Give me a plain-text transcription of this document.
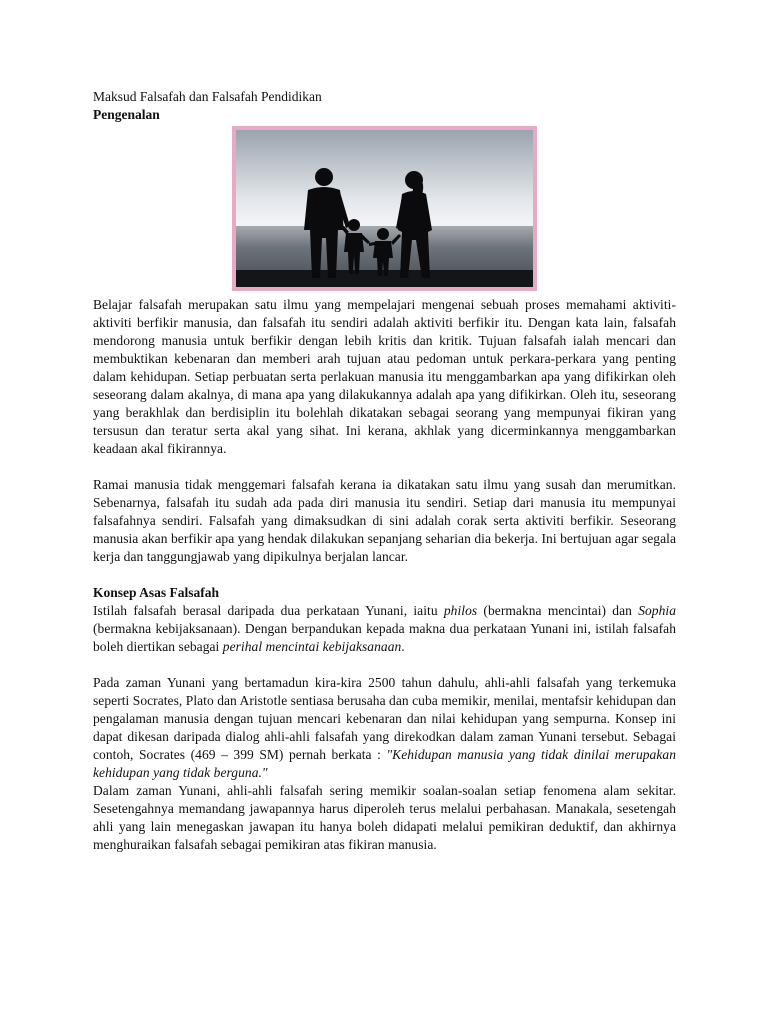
Maksud Falsafah dan Falsafah Pendidikan

Pengenalan

Belajar falsafah merupakan satu ilmu yang mempelajari mengenai sebuah proses memahami aktiviti-aktiviti berfikir manusia, dan falsafah itu sendiri adalah aktiviti berfikir itu. Dengan kata lain, falsafah mendorong manusia untuk berfikir dengan lebih kritis dan kritik. Tujuan falsafah ialah mencari dan membuktikan kebenaran dan memberi arah tujuan atau pedoman untuk perkara-perkara yang penting dalam kehidupan. Setiap perbuatan serta perlakuan manusia itu menggambarkan apa yang difikirkan oleh seseorang dalam akalnya, di mana apa yang dilakukannya adalah apa yang difikirkan. Oleh itu, seseorang yang berakhlak dan berdisiplin itu bolehlah dikatakan sebagai seorang yang mempunyai fikiran yang tersusun dan teratur serta akal yang sihat. Ini kerana, akhlak yang dicerminkannya menggambarkan keadaan akal fikirannya.

Ramai manusia tidak menggemari falsafah kerana ia dikatakan satu ilmu yang susah dan merumitkan. Sebenarnya, falsafah itu sudah ada pada diri manusia itu sendiri. Setiap dari manusia itu mempunyai falsafahnya sendiri. Falsafah yang dimaksudkan di sini adalah corak serta aktiviti berfikir. Seseorang manusia akan berfikir apa yang hendak dilakukan sepanjang seharian dia bekerja. Ini bertujuan agar segala kerja dan tanggungjawab yang dipikulnya berjalan lancar.

Konsep Asas Falsafah

Istilah falsafah berasal daripada dua perkataan Yunani, iaitu philos (bermakna mencintai) dan Sophia (bermakna kebijaksanaan). Dengan berpandukan kepada makna dua perkataan Yunani ini, istilah falsafah boleh diertikan sebagai perihal mencintai kebijaksanaan.

Pada zaman Yunani yang bertamadun kira-kira 2500 tahun dahulu, ahli-ahli falsafah yang terkemuka seperti Socrates, Plato dan Aristotle sentiasa berusaha dan cuba memikir, menilai, mentafsir kehidupan dan pengalaman manusia dengan tujuan mencari kebenaran dan nilai kehidupan yang sempurna. Konsep ini dapat dikesan daripada dialog ahli-ahli falsafah yang direkodkan dalam zaman Yunani tersebut. Sebagai contoh, Socrates (469 – 399 SM) pernah berkata : "Kehidupan manusia yang tidak dinilai merupakan kehidupan yang tidak berguna."

Dalam zaman Yunani, ahli-ahli falsafah sering memikir soalan-soalan setiap fenomena alam sekitar. Sesetengahnya memandang jawapannya harus diperoleh terus melalui perbahasan. Manakala, sesetengah ahli yang lain menegaskan jawapan itu hanya boleh didapati melalui pemikiran deduktif, dan akhirnya menghuraikan falsafah sebagai pemikiran atas fikiran manusia.
